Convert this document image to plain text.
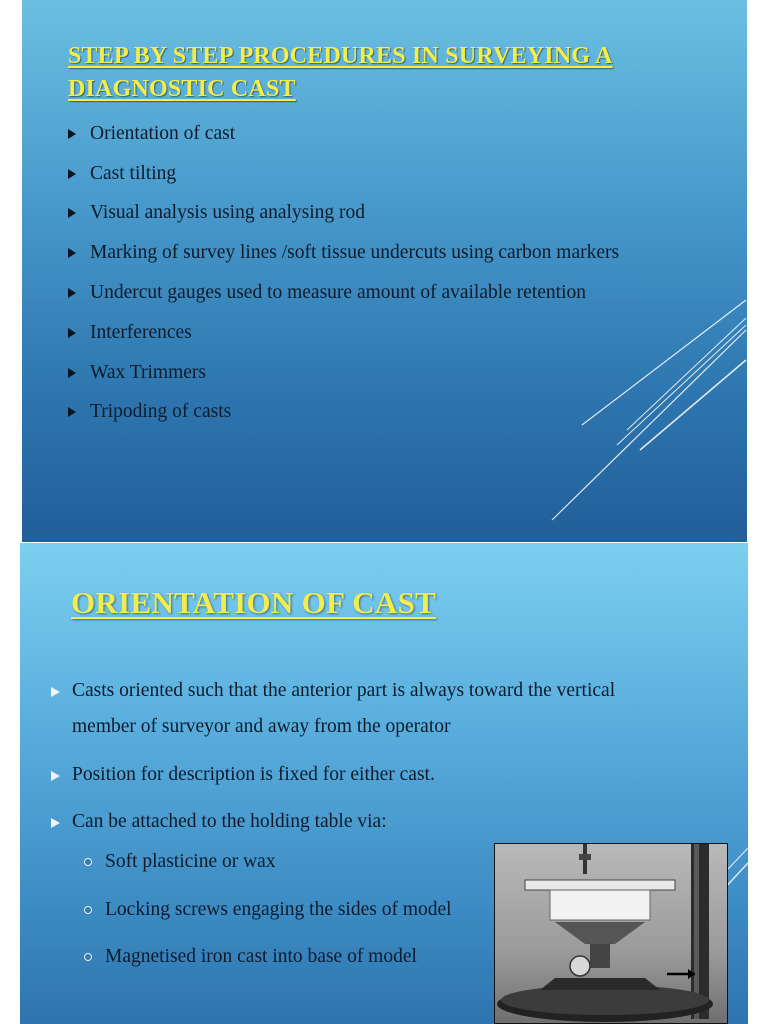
STEP BY STEP PROCEDURES IN SURVEYING A
DIAGNOSTIC CAST
Orientation of cast
Cast tilting
Visual analysis using analysing rod
Marking of survey lines /soft tissue undercuts using carbon markers
Undercut gauges used to measure amount of available retention
Interferences
Wax Trimmers
Tripoding of casts
ORIENTATION OF CAST
Casts oriented such that the anterior part is always toward the vertical member of surveyor and away from the operator
Position for description is fixed for either cast.
Can be attached to the holding table via:
Soft plasticine or wax
Locking screws engaging the sides of model
Magnetised iron cast into base of model
